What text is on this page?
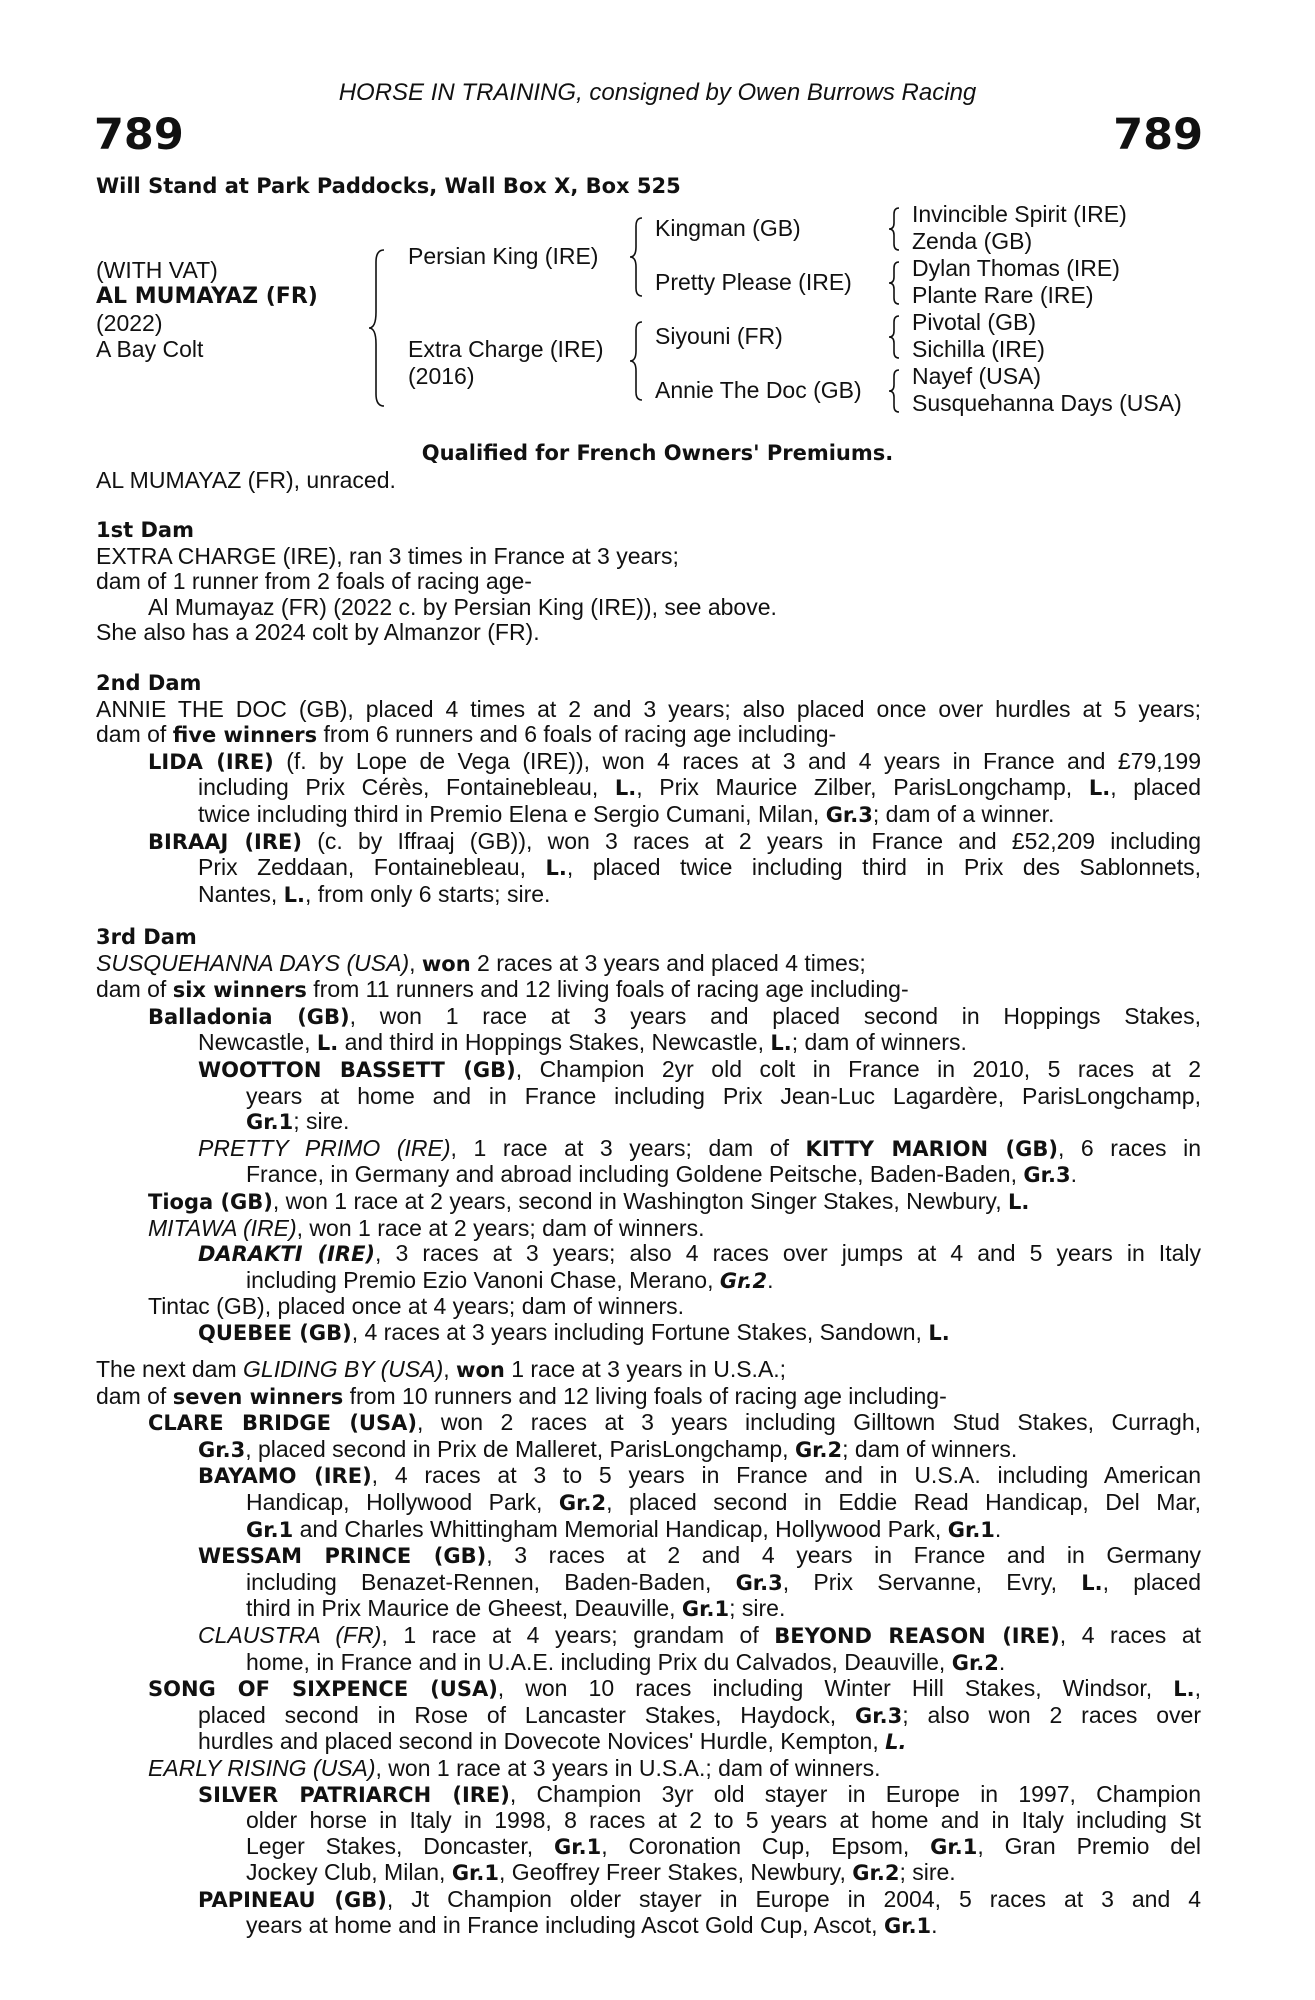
HORSE IN TRAINING, consigned by Owen Burrows Racing
789	789
Will Stand at Park Paddocks, Wall Box X, Box 525
(WITH VAT)
AL MUMAYAZ (FR)
(2022)
A Bay Colt
Persian King (IRE)
Extra Charge (IRE)
(2016)
Kingman (GB)
Pretty Please (IRE)
Siyouni (FR)
Annie The Doc (GB)
Invincible Spirit (IRE)
Zenda (GB)
Dylan Thomas (IRE)
Plante Rare (IRE)
Pivotal (GB)
Sichilla (IRE)
Nayef (USA)
Susquehanna Days (USA)
Qualified for French Owners' Premiums.
AL MUMAYAZ (FR), unraced.
1st Dam
EXTRA CHARGE (IRE), ran 3 times in France at 3 years;
dam of 1 runner from 2 foals of racing age-
Al Mumayaz (FR) (2022 c. by Persian King (IRE)), see above.
She also has a 2024 colt by Almanzor (FR).
2nd Dam
ANNIE THE DOC (GB), placed 4 times at 2 and 3 years; also placed once over hurdles at 5 years;
dam of five winners from 6 runners and 6 foals of racing age including-
LIDA (IRE) (f. by Lope de Vega (IRE)), won 4 races at 3 and 4 years in France and £79,199
including Prix Cérès, Fontainebleau, L., Prix Maurice Zilber, ParisLongchamp, L., placed
twice including third in Premio Elena e Sergio Cumani, Milan, Gr.3; dam of a winner.
BIRAAJ (IRE) (c. by Iffraaj (GB)), won 3 races at 2 years in France and £52,209 including
Prix Zeddaan, Fontainebleau, L., placed twice including third in Prix des Sablonnets,
Nantes, L., from only 6 starts; sire.
3rd Dam
SUSQUEHANNA DAYS (USA), won 2 races at 3 years and placed 4 times;
dam of six winners from 11 runners and 12 living foals of racing age including-
Balladonia (GB), won 1 race at 3 years and placed second in Hoppings Stakes,
Newcastle, L. and third in Hoppings Stakes, Newcastle, L.; dam of winners.
WOOTTON BASSETT (GB), Champion 2yr old colt in France in 2010, 5 races at 2
years at home and in France including Prix Jean-Luc Lagardère, ParisLongchamp,
Gr.1; sire.
PRETTY PRIMO (IRE), 1 race at 3 years; dam of KITTY MARION (GB), 6 races in
France, in Germany and abroad including Goldene Peitsche, Baden-Baden, Gr.3.
Tioga (GB), won 1 race at 2 years, second in Washington Singer Stakes, Newbury, L.
MITAWA (IRE), won 1 race at 2 years; dam of winners.
DARAKTI (IRE), 3 races at 3 years; also 4 races over jumps at 4 and 5 years in Italy
including Premio Ezio Vanoni Chase, Merano, Gr.2.
Tintac (GB), placed once at 4 years; dam of winners.
QUEBEE (GB), 4 races at 3 years including Fortune Stakes, Sandown, L.
The next dam GLIDING BY (USA), won 1 race at 3 years in U.S.A.;
dam of seven winners from 10 runners and 12 living foals of racing age including-
CLARE BRIDGE (USA), won 2 races at 3 years including Gilltown Stud Stakes, Curragh,
Gr.3, placed second in Prix de Malleret, ParisLongchamp, Gr.2; dam of winners.
BAYAMO (IRE), 4 races at 3 to 5 years in France and in U.S.A. including American
Handicap, Hollywood Park, Gr.2, placed second in Eddie Read Handicap, Del Mar,
Gr.1 and Charles Whittingham Memorial Handicap, Hollywood Park, Gr.1.
WESSAM PRINCE (GB), 3 races at 2 and 4 years in France and in Germany
including Benazet-Rennen, Baden-Baden, Gr.3, Prix Servanne, Evry, L., placed
third in Prix Maurice de Gheest, Deauville, Gr.1; sire.
CLAUSTRA (FR), 1 race at 4 years; grandam of BEYOND REASON (IRE), 4 races at
home, in France and in U.A.E. including Prix du Calvados, Deauville, Gr.2.
SONG OF SIXPENCE (USA), won 10 races including Winter Hill Stakes, Windsor, L.,
placed second in Rose of Lancaster Stakes, Haydock, Gr.3; also won 2 races over
hurdles and placed second in Dovecote Novices' Hurdle, Kempton, L.
EARLY RISING (USA), won 1 race at 3 years in U.S.A.; dam of winners.
SILVER PATRIARCH (IRE), Champion 3yr old stayer in Europe in 1997, Champion
older horse in Italy in 1998, 8 races at 2 to 5 years at home and in Italy including St
Leger Stakes, Doncaster, Gr.1, Coronation Cup, Epsom, Gr.1, Gran Premio del
Jockey Club, Milan, Gr.1, Geoffrey Freer Stakes, Newbury, Gr.2; sire.
PAPINEAU (GB), Jt Champion older stayer in Europe in 2004, 5 races at 3 and 4
years at home and in France including Ascot Gold Cup, Ascot, Gr.1.
